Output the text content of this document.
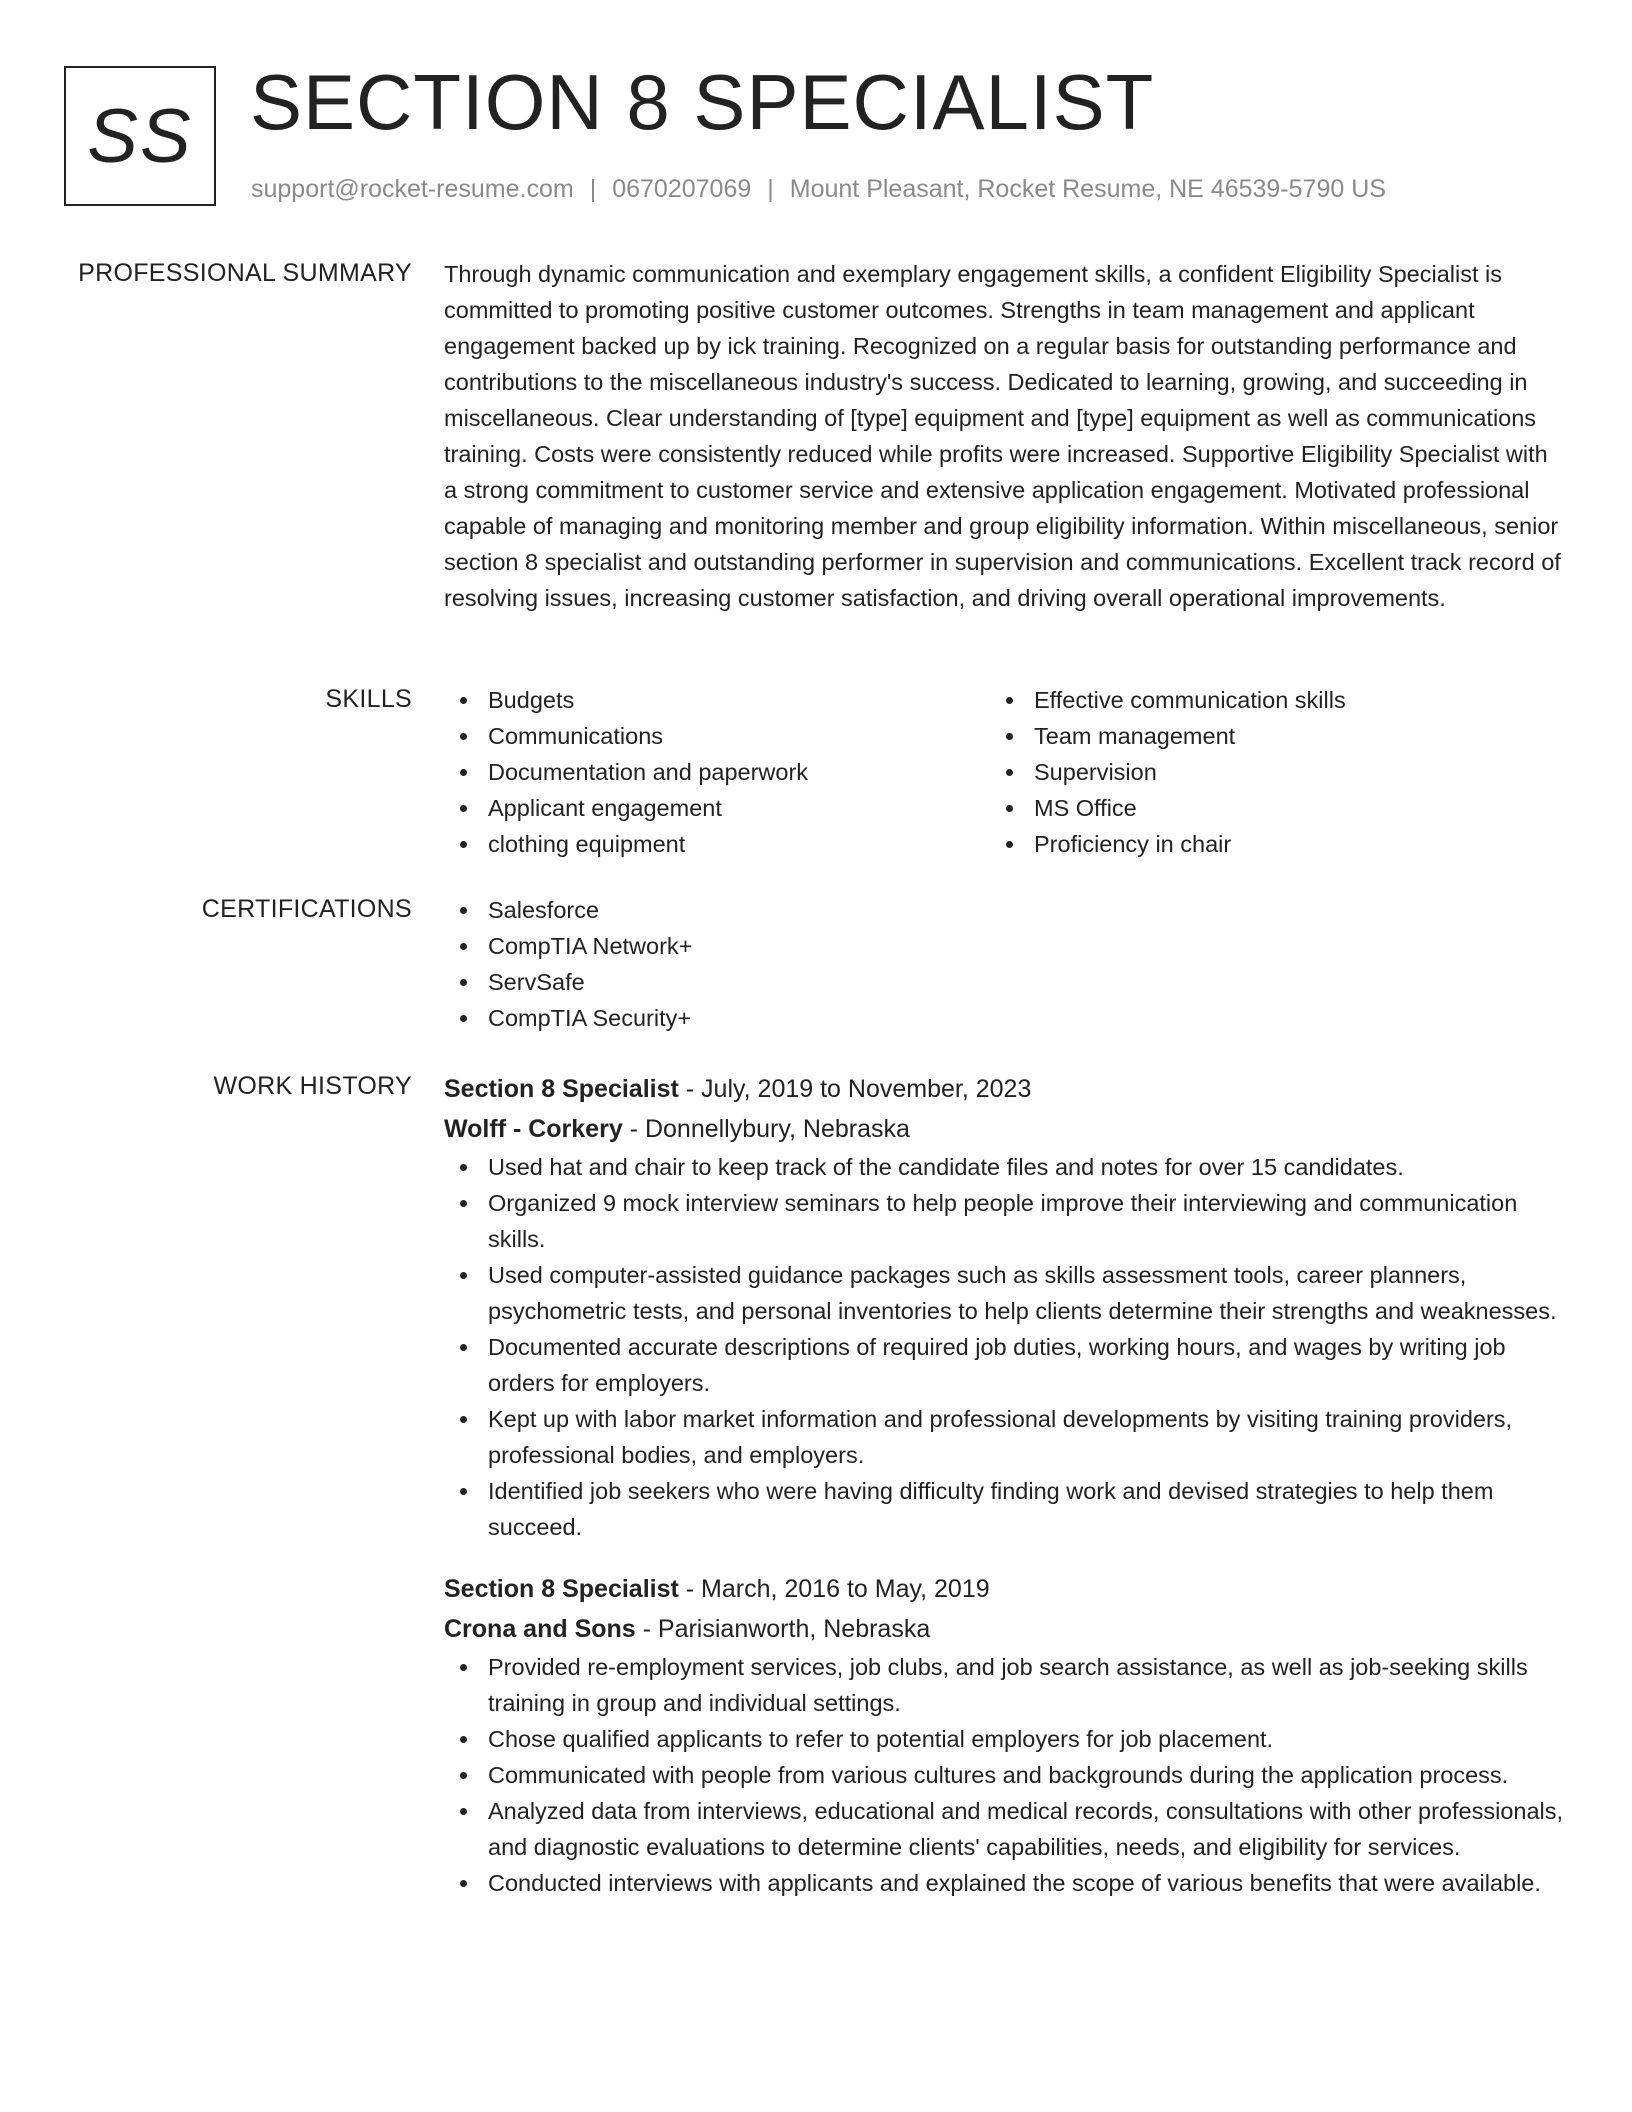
SS SECTION 8 SPECIALIST
support@rocket-resume.com | 0670207069 | Mount Pleasant, Rocket Resume, NE 46539-5790 US
PROFESSIONAL SUMMARY Through dynamic communication and exemplary engagement skills, a confident Eligibility Specialist is committed to promoting positive customer outcomes. Strengths in team management and applicant engagement backed up by ick training. Recognized on a regular basis for outstanding performance and contributions to the miscellaneous industry's success. Dedicated to learning, growing, and succeeding in miscellaneous. Clear understanding of [type] equipment and [type] equipment as well as communications training. Costs were consistently reduced while profits were increased. Supportive Eligibility Specialist with a strong commitment to customer service and extensive application engagement. Motivated professional capable of managing and monitoring member and group eligibility information. Within miscellaneous, senior section 8 specialist and outstanding performer in supervision and communications. Excellent track record of resolving issues, increasing customer satisfaction, and driving overall operational improvements.

SKILLS	Budgets
Communications
Documentation and paperwork
Applicant engagement
clothing equipment
Effective communication skills
Team management
Supervision
MS Office
Proficiency in chair
CERTIFICATIONS	Salesforce
CompTIA Network+
ServSafe
CompTIA Security+
WORK HISTORY Section 8 Specialist - July, 2019 to November, 2023
Wolff - Corkery - Donnellybury, Nebraska
Used hat and chair to keep track of the candidate files and notes for over 15 candidates.
Organized 9 mock interview seminars to help people improve their interviewing and communication skills.
Used computer-assisted guidance packages such as skills assessment tools, career planners, psychometric tests, and personal inventories to help clients determine their strengths and weaknesses.
Documented accurate descriptions of required job duties, working hours, and wages by writing job orders for employers.
Kept up with labor market information and professional developments by visiting training providers, professional bodies, and employers.
Identified job seekers who were having difficulty finding work and devised strategies to help them succeed.
Section 8 Specialist - March, 2016 to May, 2019
Crona and Sons - Parisianworth, Nebraska
Provided re-employment services, job clubs, and job search assistance, as well as job-seeking skills training in group and individual settings.
Chose qualified applicants to refer to potential employers for job placement.
Communicated with people from various cultures and backgrounds during the application process.
Analyzed data from interviews, educational and medical records, consultations with other professionals, and diagnostic evaluations to determine clients' capabilities, needs, and eligibility for services.
Conducted interviews with applicants and explained the scope of various benefits that were available.
